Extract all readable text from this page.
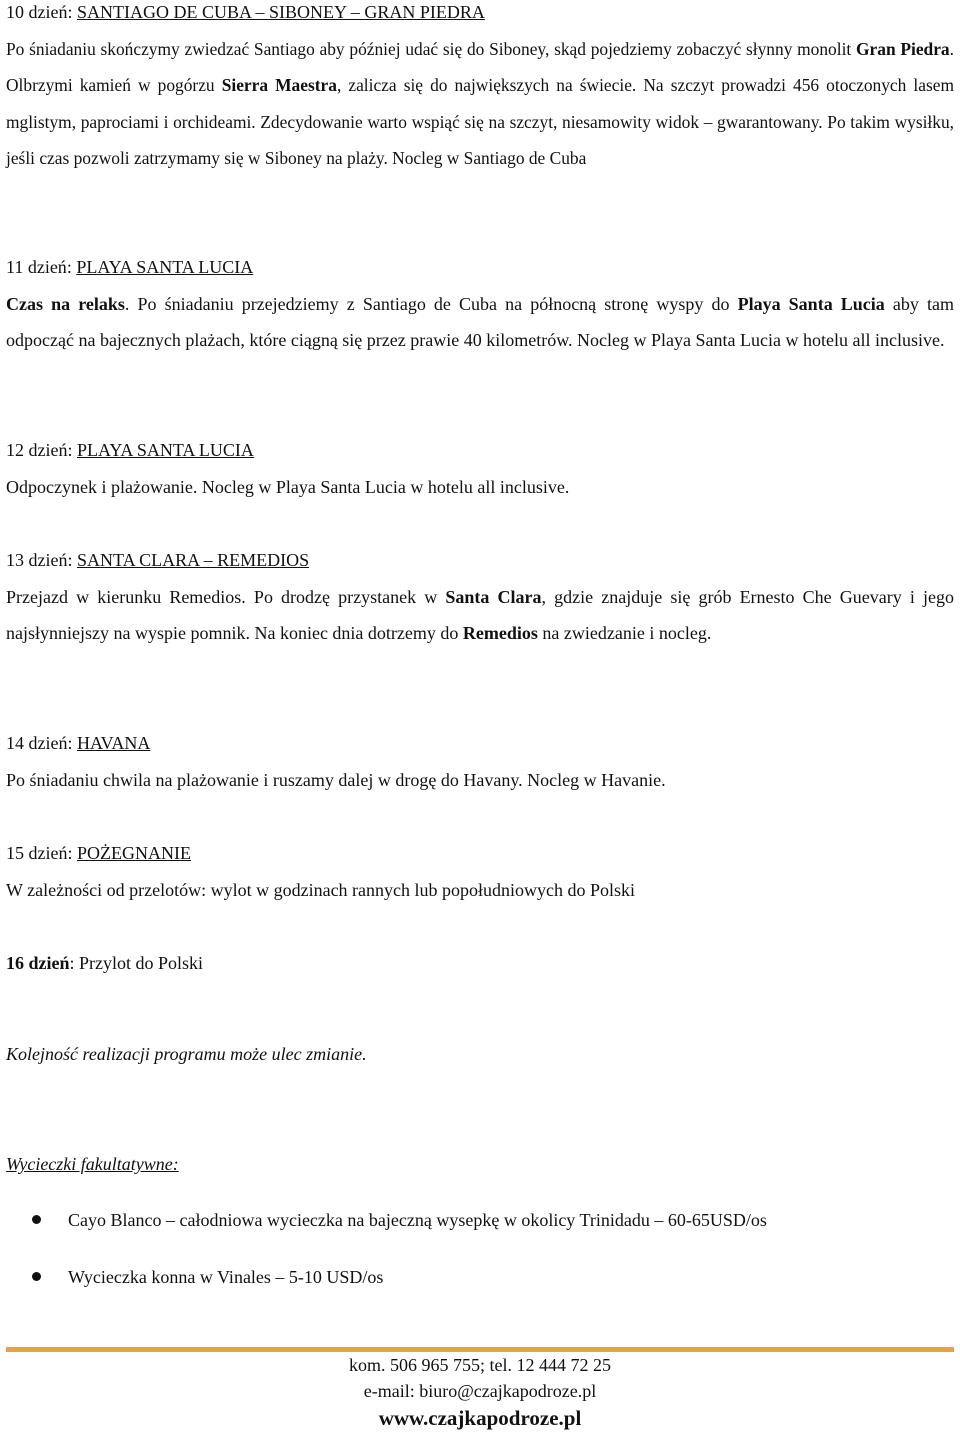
10 dzień: SANTIAGO DE CUBA – SIBONEY – GRAN PIEDRA
Po śniadaniu skończymy zwiedzać Santiago aby później udać się do Siboney, skąd pojedziemy zobaczyć słynny monolit Gran Piedra. Olbrzymi kamień w pogórzu Sierra Maestra, zalicza się do największych na świecie. Na szczyt prowadzi 456 otoczonych lasem mglistym, paprociami i orchideami. Zdecydowanie warto wspiąć się na szczyt, niesamowity widok – gwarantowany. Po takim wysiłku, jeśli czas pozwoli zatrzymamy się w Siboney na plaży. Nocleg w Santiago de Cuba
11 dzień: PLAYA SANTA LUCIA
Czas na relaks. Po śniadaniu przejedziemy z Santiago de Cuba na północną stronę wyspy do Playa Santa Lucia aby tam odpocząć na bajecznych plażach, które ciągną się przez prawie 40 kilometrów. Nocleg w Playa Santa Lucia w hotelu all inclusive.
12 dzień: PLAYA SANTA LUCIA
Odpoczynek i plażowanie. Nocleg w Playa Santa Lucia w hotelu all inclusive.
13 dzień: SANTA CLARA – REMEDIOS
Przejazd w kierunku Remedios. Po drodzę przystanek w Santa Clara, gdzie znajduje się grób Ernesto Che Guevary i jego najsłynniejszy na wyspie pomnik. Na koniec dnia dotrzemy do Remedios na zwiedzanie i nocleg.
14 dzień: HAVANA
Po śniadaniu chwila na plażowanie i ruszamy dalej w drogę do Havany. Nocleg w Havanie.
15 dzień: POŻEGNANIE
W zależności od przelotów: wylot w godzinach rannych lub popołudniowych do Polski
16 dzień: Przylot do Polski
Kolejność realizacji programu może ulec zmianie.
Wycieczki fakultatywne:
Cayo Blanco – całodniowa wycieczka na bajeczną wysepkę w okolicy Trinidadu – 60-65USD/os
Wycieczka konna w Vinales – 5-10 USD/os
kom. 506 965 755; tel. 12 444 72 25
e-mail: biuro@czajkapodroze.pl
www.czajkapodroze.pl
